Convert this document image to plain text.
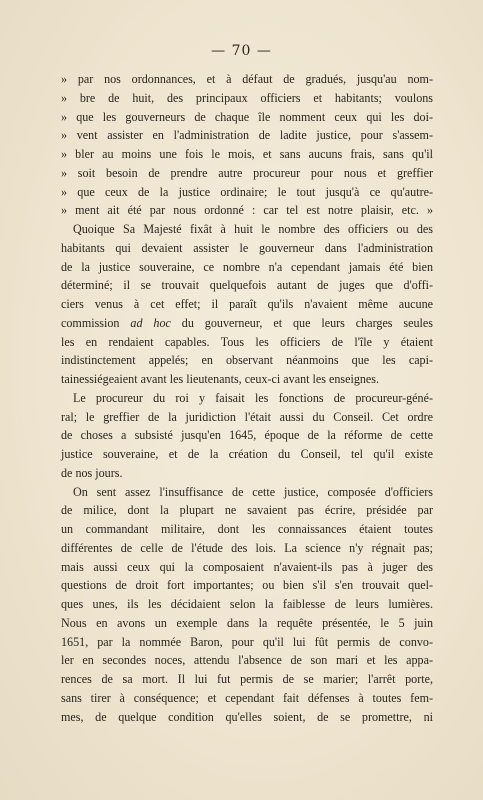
— 70 —
» par nos ordonnances, et à défaut de gradués, jusqu'au nom-
» bre de huit, des principaux officiers et habitants; voulons
» que les gouverneurs de chaque île nomment ceux qui les doi-
» vent assister en l'administration de ladite justice, pour s'assem-
» bler au moins une fois le mois, et sans aucuns frais, sans qu'il
» soit besoin de prendre autre procureur pour nous et greffier
» que ceux de la justice ordinaire; le tout jusqu'à ce qu'autre-
» ment ait été par nous ordonné : car tel est notre plaisir, etc. »
Quoique Sa Majesté fixât à huit le nombre des officiers ou des
habitants qui devaient assister le gouverneur dans l'administration
de la justice souveraine, ce nombre n'a cependant jamais été bien
déterminé; il se trouvait quelquefois autant de juges que d'offi-
ciers venus à cet effet; il paraît qu'ils n'avaient même aucune
commission ad hoc du gouverneur, et que leurs charges seules
les en rendaient capables. Tous les officiers de l'île y étaient
indistinctement appelés; en observant néanmoins que les capi-
tainessiégeaient avant les lieutenants, ceux-ci avant les enseignes.
Le procureur du roi y faisait les fonctions de procureur-géné-
ral; le greffier de la juridiction l'était aussi du Conseil. Cet ordre
de choses a subsisté jusqu'en 1645, époque de la réforme de cette
justice souveraine, et de la création du Conseil, tel qu'il existe
de nos jours.
On sent assez l'insuffisance de cette justice, composée d'officiers
de milice, dont la plupart ne savaient pas écrire, présidée par
un commandant militaire, dont les connaissances étaient toutes
différentes de celle de l'étude des lois. La science n'y régnait pas;
mais aussi ceux qui la composaient n'avaient-ils pas à juger des
questions de droit fort importantes; ou bien s'il s'en trouvait quel-
ques unes, ils les décidaient selon la faiblesse de leurs lumières.
Nous en avons un exemple dans la requête présentée, le 5 juin
1651, par la nommée Baron, pour qu'il lui fût permis de convo-
ler en secondes noces, attendu l'absence de son mari et les appa-
rences de sa mort. Il lui fut permis de se marier; l'arrêt porte,
sans tirer à conséquence; et cependant fait défenses à toutes fem-
mes, de quelque condition qu'elles soient, de se promettre, ni
